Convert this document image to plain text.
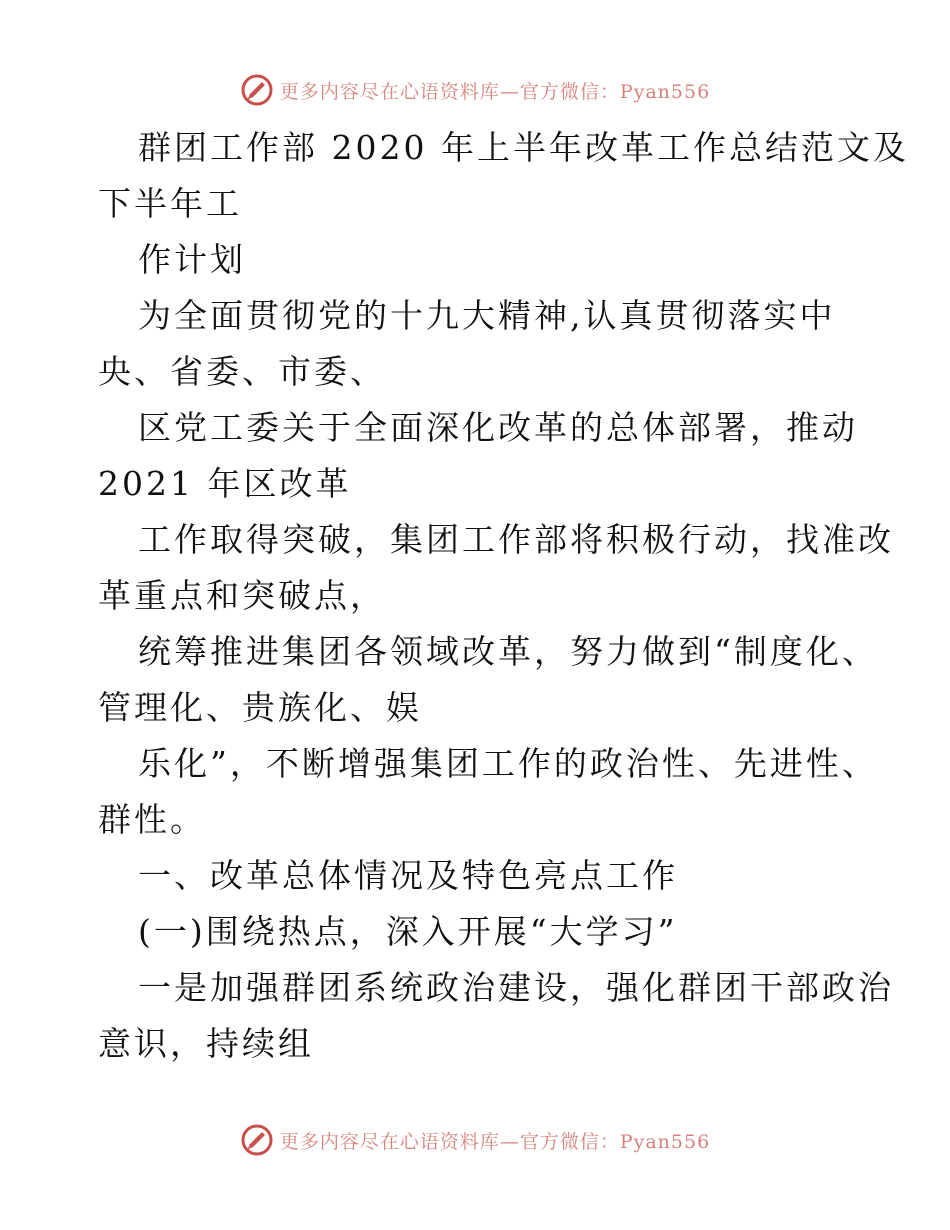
更多内容尽在心语资料库—官方微信：Pyan556
群团工作部 2020 年上半年改革工作总结范文及
下半年工
作计划
为全面贯彻党的十九大精神,认真贯彻落实中
央、省委、市委、
区党工委关于全面深化改革的总体部署，推动
2021 年区改革
工作取得突破，集团工作部将积极行动，找准改
革重点和突破点，
统筹推进集团各领域改革，努力做到“制度化、
管理化、贵族化、娱
乐化”，不断增强集团工作的政治性、先进性、
群性。
一、改革总体情况及特色亮点工作
(一)围绕热点，深入开展“大学习”
一是加强群团系统政治建设，强化群团干部政治
意识，持续组
更多内容尽在心语资料库—官方微信：Pyan556
